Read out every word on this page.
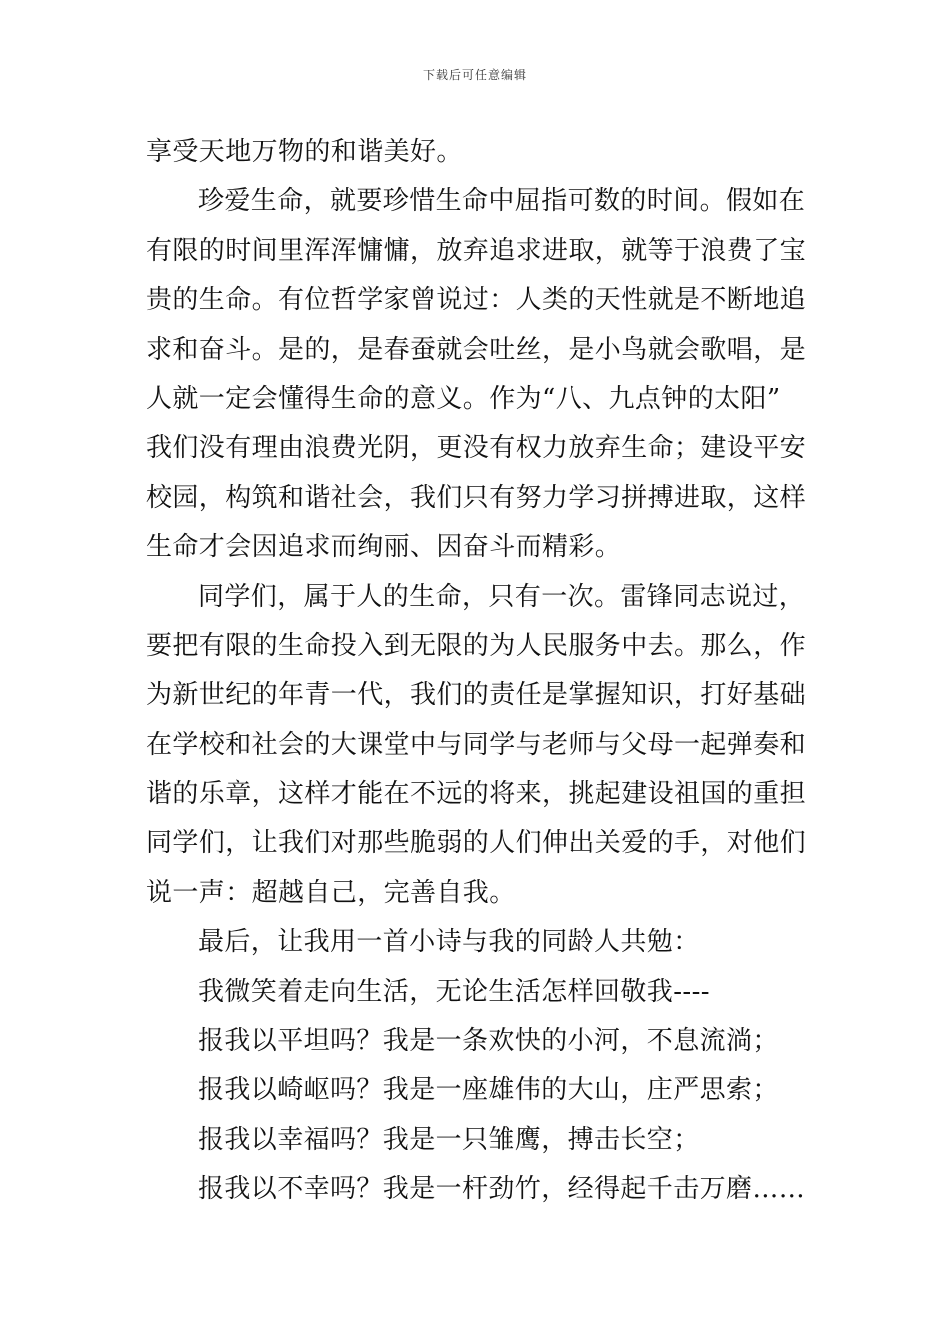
下载后可任意编辑
享受天地万物的和谐美好。
珍爱生命，就要珍惜生命中屈指可数的时间。假如在
有限的时间里浑浑慵慵，放弃追求进取，就等于浪费了宝
贵的生命。有位哲学家曾说过：人类的天性就是不断地追
求和奋斗。是的，是春蚕就会吐丝，是小鸟就会歌唱，是
人就一定会懂得生命的意义。作为“八、九点钟的太阳”
我们没有理由浪费光阴，更没有权力放弃生命；建设平安
校园，构筑和谐社会，我们只有努力学习拼搏进取，这样
生命才会因追求而绚丽、因奋斗而精彩。
同学们，属于人的生命，只有一次。雷锋同志说过，
要把有限的生命投入到无限的为人民服务中去。那么，作
为新世纪的年青一代，我们的责任是掌握知识，打好基础
在学校和社会的大课堂中与同学与老师与父母一起弹奏和
谐的乐章，这样才能在不远的将来，挑起建设祖国的重担
同学们，让我们对那些脆弱的人们伸出关爱的手，对他们
说一声：超越自己，完善自我。
最后，让我用一首小诗与我的同龄人共勉：
我微笑着走向生活，无论生活怎样回敬我----
报我以平坦吗？我是一条欢快的小河，不息流淌；
报我以崎岖吗？我是一座雄伟的大山，庄严思索；
报我以幸福吗？我是一只雏鹰，搏击长空；
报我以不幸吗？我是一杆劲竹，经得起千击万磨……
